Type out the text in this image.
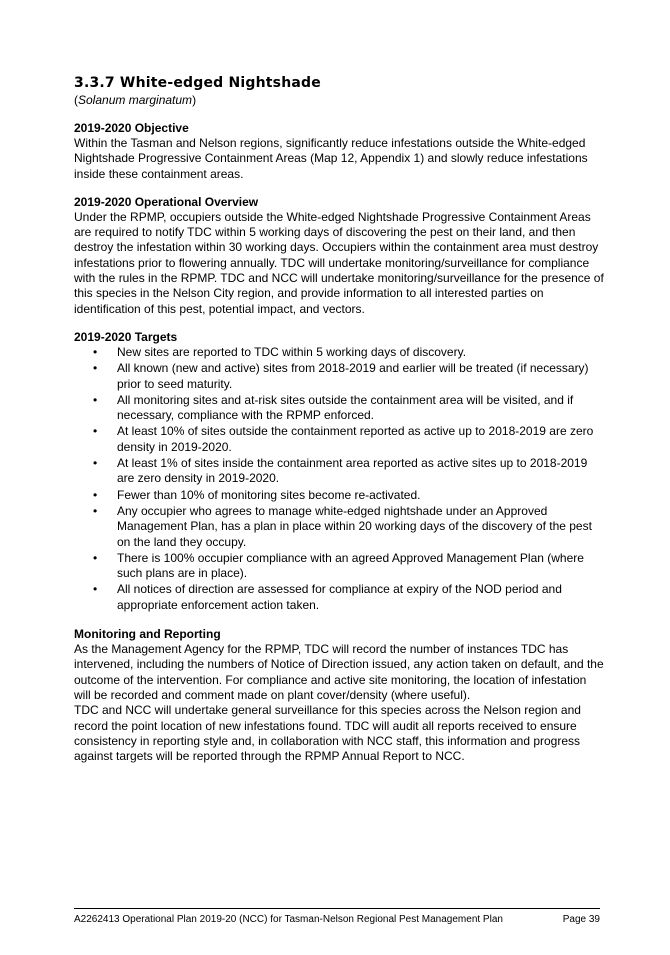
3.3.7 White-edged Nightshade

(Solanum marginatum)

2019-2020 Objective

Within the Tasman and Nelson regions, significantly reduce infestations outside the White-edged Nightshade Progressive Containment Areas (Map 12, Appendix 1) and slowly reduce infestations inside these containment areas.

2019-2020 Operational Overview

Under the RPMP, occupiers outside the White-edged Nightshade Progressive Containment Areas are required to notify TDC within 5 working days of discovering the pest on their land, and then destroy the infestation within 30 working days. Occupiers within the containment area must destroy infestations prior to flowering annually. TDC will undertake monitoring/surveillance for compliance with the rules in the RPMP. TDC and NCC will undertake monitoring/surveillance for the presence of this species in the Nelson City region, and provide information to all interested parties on identification of this pest, potential impact, and vectors.

2019-2020 Targets
• New sites are reported to TDC within 5 working days of discovery.
• All known (new and active) sites from 2018-2019 and earlier will be treated (if necessary) prior to seed maturity.
• All monitoring sites and at-risk sites outside the containment area will be visited, and if necessary, compliance with the RPMP enforced.
• At least 10% of sites outside the containment reported as active up to 2018-2019 are zero density in 2019-2020.
• At least 1% of sites inside the containment area reported as active sites up to 2018-2019 are zero density in 2019-2020.
• Fewer than 10% of monitoring sites become re-activated.
• Any occupier who agrees to manage white-edged nightshade under an Approved Management Plan, has a plan in place within 20 working days of the discovery of the pest on the land they occupy.
• There is 100% occupier compliance with an agreed Approved Management Plan (where such plans are in place).
• All notices of direction are assessed for compliance at expiry of the NOD period and appropriate enforcement action taken.
Monitoring and Reporting

As the Management Agency for the RPMP, TDC will record the number of instances TDC has intervened, including the numbers of Notice of Direction issued, any action taken on default, and the outcome of the intervention. For compliance and active site monitoring, the location of infestation will be recorded and comment made on plant cover/density (where useful).

TDC and NCC will undertake general surveillance for this species across the Nelson region and record the point location of new infestations found. TDC will audit all reports received to ensure consistency in reporting style and, in collaboration with NCC staff, this information and progress against targets will be reported through the RPMP Annual Report to NCC.

A2262413 Operational Plan 2019-20 (NCC) for Tasman-Nelson Regional Pest Management Plan	Page 39
